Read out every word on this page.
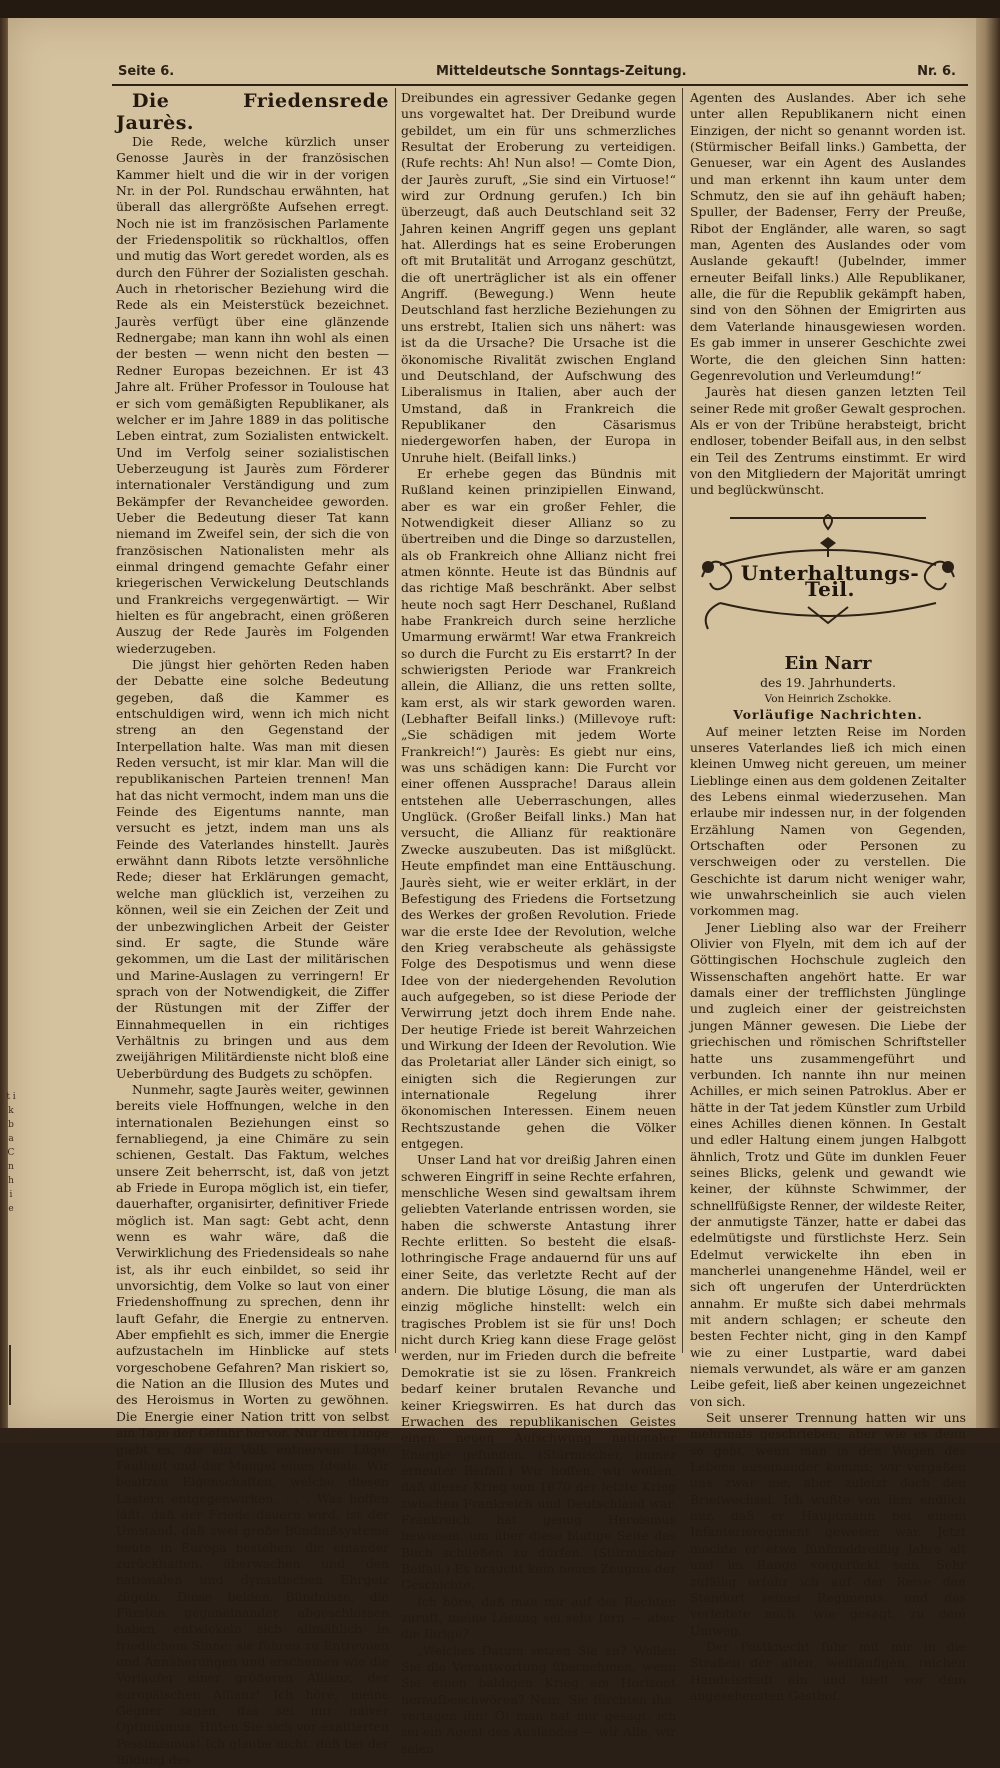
Seite 6.	Mitteldeutsche Sonntags-Zeitung.	Nr. 6.
t i k b a C n h i e

Die Friedensrede Jaurès.

Die Rede, welche kürzlich unser Genosse Jaurès in der französischen Kammer hielt und die wir in der vorigen Nr. in der Pol. Rundschau erwähnten, hat überall das allergrößte Aufsehen erregt. Noch nie ist im französischen Parlamente der Friedenspolitik so rückhaltlos, offen und mutig das Wort geredet worden, als es durch den Führer der Sozialisten geschah. Auch in rhetorischer Beziehung wird die Rede als ein Meisterstück bezeichnet. Jaurès verfügt über eine glänzende Rednergabe; man kann ihn wohl als einen der besten — wenn nicht den besten — Redner Europas bezeichnen. Er ist 43 Jahre alt. Früher Professor in Toulouse hat er sich vom gemäßigten Republikaner, als welcher er im Jahre 1889 in das politische Leben eintrat, zum Sozialisten entwickelt. Und im Verfolg seiner sozialistischen Ueberzeugung ist Jaurès zum Förderer internationaler Verständigung und zum Bekämpfer der Revancheidee geworden. Ueber die Bedeutung dieser Tat kann niemand im Zweifel sein, der sich die von französischen Nationalisten mehr als einmal dringend gemachte Gefahr einer kriegerischen Verwickelung Deutschlands und Frankreichs vergegenwärtigt. — Wir hielten es für angebracht, einen größeren Auszug der Rede Jaurès im Folgenden wiederzugeben.

Die jüngst hier gehörten Reden haben der Debatte eine solche Bedeutung gegeben, daß die Kammer es entschuldigen wird, wenn ich mich nicht streng an den Gegenstand der Interpellation halte. Was man mit diesen Reden versucht, ist mir klar. Man will die republikanischen Parteien trennen! Man hat das nicht vermocht, indem man uns die Feinde des Eigentums nannte, man versucht es jetzt, indem man uns als Feinde des Vaterlandes hinstellt. Jaurès erwähnt dann Ribots letzte versöhnliche Rede; dieser hat Erklärungen gemacht, welche man glücklich ist, verzeihen zu können, weil sie ein Zeichen der Zeit und der unbezwinglichen Arbeit der Geister sind. Er sagte, die Stunde wäre gekommen, um die Last der militärischen und Marine-Auslagen zu verringern! Er sprach von der Notwendigkeit, die Ziffer der Rüstungen mit der Ziffer der Einnahmequellen in ein richtiges Verhältnis zu bringen und aus dem zweijährigen Militärdienste nicht bloß eine Ueberbürdung des Budgets zu schöpfen.

Nunmehr, sagte Jaurès weiter, gewinnen bereits viele Hoffnungen, welche in den internationalen Beziehungen einst so fernabliegend, ja eine Chimäre zu sein schienen, Gestalt. Das Faktum, welches unsere Zeit beherrscht, ist, daß von jetzt ab Friede in Europa möglich ist, ein tiefer, dauerhafter, organisirter, definitiver Friede möglich ist. Man sagt: Gebt acht, denn wenn es wahr wäre, daß die Verwirklichung des Friedensideals so nahe ist, als ihr euch einbildet, so seid ihr unvorsichtig, dem Volke so laut von einer Friedenshoffnung zu sprechen, denn ihr lauft Gefahr, die Energie zu entnerven. Aber empfiehlt es sich, immer die Energie aufzustacheln im Hinblicke auf stets vorgeschobene Gefahren? Man riskiert so, die Nation an die Illusion des Mutes und des Heroismus in Worten zu gewöhnen. Die Energie einer Nation tritt von selbst am Tage der Gefahr hervor. Nur drei Dinge giebt es, die ein Volk entnerven: Lüge, Faulheit und der Mangel eines Ideals. Wir besitzen Eigenschaften, welche diesen Lastern entgegenwirken. . . . Was hoffen läßt, daß der Friede dauern wird, ist der Umstand, daß zwei große Bündnißsysteme heute in Europa bestehen, die einander zurückhalten, überwachen und den nationalen und dynastischen Ehrgeiz zügeln. Diese beiden Bündnisse, die Fürsten gegeneinander abgeschlossen haben, entwickeln sich allmählich in friedlichem Sinne; sie führen zu Entrevuen und Annäherungen und erscheinen wie die Vorläufer einer größeren Allianz, der europäischen Allianz! Ich höre, meine Gegner sagen, das sei nur naiver Optimismus. Hüten Sie sich vor exaltierten Pessimismus! Ich glaube nicht, daß bei der Bildung des

Dreibundes ein agressiver Gedanke gegen uns vorgewaltet hat. Der Dreibund wurde gebildet, um ein für uns schmerzliches Resultat der Eroberung zu verteidigen. (Rufe rechts: Ah! Nun also! — Comte Dion, der Jaurès zuruft, „Sie sind ein Virtuose!“ wird zur Ordnung gerufen.) Ich bin überzeugt, daß auch Deutschland seit 32 Jahren keinen Angriff gegen uns geplant hat. Allerdings hat es seine Eroberungen oft mit Brutalität und Arroganz geschützt, die oft unerträglicher ist als ein offener Angriff. (Bewegung.) Wenn heute Deutschland fast herzliche Beziehungen zu uns erstrebt, Italien sich uns nähert: was ist da die Ursache? Die Ursache ist die ökonomische Rivalität zwischen England und Deutschland, der Aufschwung des Liberalismus in Italien, aber auch der Umstand, daß in Frankreich die Republikaner den Cäsarismus niedergeworfen haben, der Europa in Unruhe hielt. (Beifall links.)

Er erhebe gegen das Bündnis mit Rußland keinen prinzipiellen Einwand, aber es war ein großer Fehler, die Notwendigkeit dieser Allianz so zu übertreiben und die Dinge so darzustellen, als ob Frankreich ohne Allianz nicht frei atmen könnte. Heute ist das Bündnis auf das richtige Maß beschränkt. Aber selbst heute noch sagt Herr Deschanel, Rußland habe Frankreich durch seine herzliche Umarmung erwärmt! War etwa Frankreich so durch die Furcht zu Eis erstarrt? In der schwierigsten Periode war Frankreich allein, die Allianz, die uns retten sollte, kam erst, als wir stark geworden waren. (Lebhafter Beifall links.) (Millevoye ruft: „Sie schädigen mit jedem Worte Frankreich!“) Jaurès: Es giebt nur eins, was uns schädigen kann: Die Furcht vor einer offenen Aussprache! Daraus allein entstehen alle Ueberraschungen, alles Unglück. (Großer Beifall links.) Man hat versucht, die Allianz für reaktionäre Zwecke auszubeuten. Das ist mißglückt. Heute empfindet man eine Enttäuschung. Jaurès sieht, wie er weiter erklärt, in der Befestigung des Friedens die Fortsetzung des Werkes der großen Revolution. Friede war die erste Idee der Revolution, welche den Krieg verabscheute als gehässigste Folge des Despotismus und wenn diese Idee von der niedergehenden Revolution auch aufgegeben, so ist diese Periode der Verwirrung jetzt doch ihrem Ende nahe. Der heutige Friede ist bereit Wahrzeichen und Wirkung der Ideen der Revolution. Wie das Proletariat aller Länder sich einigt, so einigten sich die Regierungen zur internationale Regelung ihrer ökonomischen Interessen. Einem neuen Rechtszustande gehen die Völker entgegen.

Unser Land hat vor dreißig Jahren einen schweren Eingriff in seine Rechte erfahren, menschliche Wesen sind gewaltsam ihrem geliebten Vaterlande entrissen worden, sie haben die schwerste Antastung ihrer Rechte erlitten. So besteht die elsaß-lothringische Frage andauernd für uns auf einer Seite, das verletzte Recht auf der andern. Die blutige Lösung, die man als einzig mögliche hinstellt: welch ein tragisches Problem ist sie für uns! Doch nicht durch Krieg kann diese Frage gelöst werden, nur im Frieden durch die befreite Demokratie ist sie zu lösen. Frankreich bedarf keiner brutalen Revanche und keiner Kriegswirren. Es hat durch das Erwachen des republikanischen Geistes einen neuen Aufschwung nationaler Energie gefunden. (Stürmischer, immer erneuter Beifall.) Wir hoffen, wir wollen, daß dieser Krieg von 1870 der letzte Krieg zwischen Frankreich und Deutschland war. Frankreich hat genug Heroismus bewiesen, um über diese blutige Seite das Buch schließen zu dürfen. (Stürmischer Beifall.) Es braucht kein neues Zeugnis der Geschichte.

Ich höre, daß man mir auf der Rechten zuruft, meine Lösung sei sehr fern — aber die Ihrige?

„Welches Datum setzen Sie an? Wollen Sie die Verantwortung übernehmen, wenn Sie einen baldigen Krieg am Horizont heraufbeschwören? Nein, Sie fürchten ihn, vertagen ihn! O! man hat mir gesagt, ich sei ein Agent des Auslandes — wir Alle, wir seien

Agenten des Auslandes. Aber ich sehe unter allen Republikanern nicht einen Einzigen, der nicht so genannt worden ist. (Stürmischer Beifall links.) Gambetta, der Genueser, war ein Agent des Auslandes und man erkennt ihn kaum unter dem Schmutz, den sie auf ihn gehäuft haben; Spuller, der Badenser, Ferry der Preuße, Ribot der Engländer, alle waren, so sagt man, Agenten des Auslandes oder vom Auslande gekauft! (Jubelnder, immer erneuter Beifall links.) Alle Republikaner, alle, die für die Republik gekämpft haben, sind von den Söhnen der Emigrirten aus dem Vaterlande hinausgewiesen worden. Es gab immer in unserer Geschichte zwei Worte, die den gleichen Sinn hatten: Gegenrevolution und Verleumdung!“

Jaurès hat diesen ganzen letzten Teil seiner Rede mit großer Gewalt gesprochen. Als er von der Tribüne herabsteigt, bricht endloser, tobender Beifall aus, in den selbst ein Teil des Zentrums einstimmt. Er wird von den Mitgliedern der Majorität umringt und beglückwünscht.

Unterhaltungs-Teil.

Ein Narr

des 19. Jahrhunderts.

Von Heinrich Zschokke.

Vorläufige Nachrichten.

Auf meiner letzten Reise im Norden unseres Vaterlandes ließ ich mich einen kleinen Umweg nicht gereuen, um meiner Lieblinge einen aus dem goldenen Zeitalter des Lebens einmal wiederzusehen. Man erlaube mir indessen nur, in der folgenden Erzählung Namen von Gegenden, Ortschaften oder Personen zu verschweigen oder zu verstellen. Die Geschichte ist darum nicht weniger wahr, wie unwahrscheinlich sie auch vielen vorkommen mag.

Jener Liebling also war der Freiherr Olivier von Flyeln, mit dem ich auf der Göttingischen Hochschule zugleich den Wissenschaften angehört hatte. Er war damals einer der trefflichsten Jünglinge und zugleich einer der geistreichsten jungen Männer gewesen. Die Liebe der griechischen und römischen Schriftsteller hatte uns zusammengeführt und verbunden. Ich nannte ihn nur meinen Achilles, er mich seinen Patroklus. Aber er hätte in der Tat jedem Künstler zum Urbild eines Achilles dienen können. In Gestalt und edler Haltung einem jungen Halbgott ähnlich, Trotz und Güte im dunklen Feuer seines Blicks, gelenk und gewandt wie keiner, der kühnste Schwimmer, der schnellfüßigste Renner, der wildeste Reiter, der anmutigste Tänzer, hatte er dabei das edelmütigste und fürstlichste Herz. Sein Edelmut verwickelte ihn eben in mancherlei unangenehme Händel, weil er sich oft ungerufen der Unterdrückten annahm. Er mußte sich dabei mehrmals mit andern schlagen; er scheute den besten Fechter nicht, ging in den Kampf wie zu einer Lustpartie, ward dabei niemals verwundet, als wäre er am ganzen Leibe gefeit, ließ aber keinen ungezeichnet von sich.

Seit unserer Trennung hatten wir uns mehrmals geschrieben; aber wie es denn so geht, wenn man in den Wogen des Lebens auseinander kommt; wir vergaßen uns zwar nie, aber zuletzt doch den Briefwechsel. Ich wußte von ihm endlich nur, daß er Hauptmann bei einem Infanterieregiment gewesen war. Jetzt mochte er etwa fünfunddreißig Jahre alt und im Range vorgerückt sein. Sehr zufällig erfuhr ich auf der Reise den Standort seines Regiments, und das verleitete mich, wie gesagt, zu dem Umweg.

Der Postknecht fuhr mit mir in die Straßen der alten, weitläufigen, reichen Handelsstadt ein und hielt vor dem angesehensten Gasthof.
